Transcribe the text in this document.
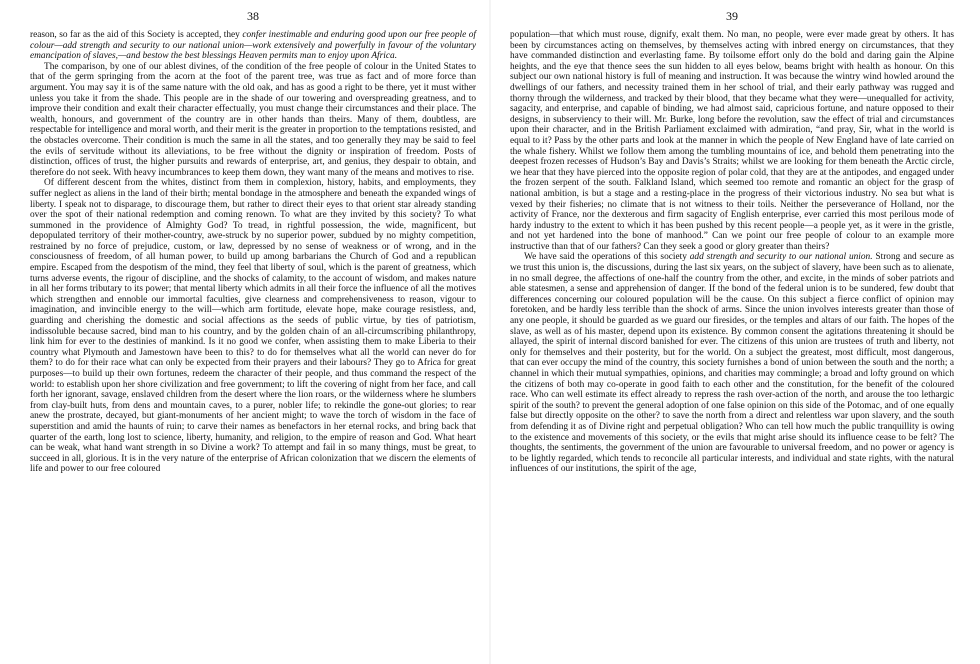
38

reason, so far as the aid of this Society is accepted, they confer inestimable and enduring good upon our free people of colour—add strength and security to our national union—work extensively and powerfully in favour of the voluntary emancipation of slaves,—and bestow the best blessings Heaven permits man to enjoy upon Africa.

The comparison, by one of our ablest divines, of the condition of the free people of colour in the United States to that of the germ springing from the acorn at the foot of the parent tree, was true as fact and of more force than argument. You may say it is of the same nature with the old oak, and has as good a right to be there, yet it must wither unless you take it from the shade. This people are in the shade of our towering and overspreading greatness, and to improve their condition and exalt their character effectually, you must change their circumstances and their place. The wealth, honours, and government of the country are in other hands than theirs. Many of them, doubtless, are respectable for intelligence and moral worth, and their merit is the greater in proportion to the temptations resisted, and the obstacles overcome. Their condition is much the same in all the states, and too generally they may be said to feel the evils of servitude without its alleviations, to be free without the dignity or inspiration of freedom. Posts of distinction, offices of trust, the higher pursuits and rewards of enterprise, art, and genius, they despair to obtain, and therefore do not seek. With heavy incumbrances to keep them down, they want many of the means and motives to rise.

Of different descent from the whites, distinct from them in complexion, history, habits, and employments, they suffer neglect as aliens in the land of their birth; mental bondage in the atmosphere and beneath the expanded wings of liberty. I speak not to disparage, to discourage them, but rather to direct their eyes to that orient star already standing over the spot of their national redemption and coming renown. To what are they invited by this society? To what summoned in the providence of Almighty God? To tread, in rightful possession, the wide, magnificent, but depopulated territory of their mother-country, awe-struck by no superior power, subdued by no mighty competition, restrained by no force of prejudice, custom, or law, depressed by no sense of weakness or of wrong, and in the consciousness of freedom, of all human power, to build up among barbarians the Church of God and a republican empire. Escaped from the despotism of the mind, they feel that liberty of soul, which is the parent of greatness, which turns adverse events, the rigour of discipline, and the shocks of calamity, to the account of wisdom, and makes nature in all her forms tributary to its power; that mental liberty which admits in all their force the influence of all the motives which strengthen and ennoble our immortal faculties, give clearness and comprehensiveness to reason, vigour to imagination, and invincible energy to the will—which arm fortitude, elevate hope, make courage resistless, and, guarding and cherishing the domestic and social affections as the seeds of public virtue, by ties of patriotism, indissoluble because sacred, bind man to his country, and by the golden chain of an all-circumscribing philanthropy, link him for ever to the destinies of mankind. Is it no good we confer, when assisting them to make Liberia to their country what Plymouth and Jamestown have been to this? to do for themselves what all the world can never do for them? to do for their race what can only be expected from their prayers and their labours? They go to Africa for great purposes—to build up their own fortunes, redeem the character of their people, and thus command the respect of the world: to establish upon her shore civilization and free government; to lift the covering of night from her face, and call forth her ignorant, savage, enslaved children from the desert where the lion roars, or the wilderness where he slumbers from clay-built huts, from dens and mountain caves, to a purer, nobler life; to rekindle the gone-out glories; to rear anew the prostrate, decayed, but giant-monuments of her ancient might; to wave the torch of wisdom in the face of superstition and amid the haunts of ruin; to carve their names as benefactors in her eternal rocks, and bring back that quarter of the earth, long lost to science, liberty, humanity, and religion, to the empire of reason and God. What heart can be weak, what hand want strength in so Divine a work? To attempt and fail in so many things, must be great, to succeed in all, glorious. It is in the very nature of the enterprise of African colonization that we discern the elements of life and power to our free coloured

39

population—that which must rouse, dignify, exalt them. No man, no people, were ever made great by others. It has been by circumstances acting on themselves, by themselves acting with inbred energy on circumstances, that they have commanded distinction and everlasting fame. By toilsome effort only do the bold and daring gain the Alpine heights, and the eye that thence sees the sun hidden to all eyes below, beams bright with health as honour. On this subject our own national history is full of meaning and instruction. It was because the wintry wind howled around the dwellings of our fathers, and necessity trained them in her school of trial, and their early pathway was rugged and thorny through the wilderness, and tracked by their blood, that they became what they were—unequalled for activity, sagacity, and enterprise, and capable of binding, we had almost said, capricious fortune, and nature opposed to their designs, in subserviency to their will. Mr. Burke, long before the revolution, saw the effect of trial and circumstances upon their character, and in the British Parliament exclaimed with admiration, “and pray, Sir, what in the world is equal to it? Pass by the other parts and look at the manner in which the people of New England have of late carried on the whale fishery. Whilst we follow them among the tumbling mountains of ice, and behold them penetrating into the deepest frozen recesses of Hudson’s Bay and Davis’s Straits; whilst we are looking for them beneath the Arctic circle, we hear that they have pierced into the opposite region of polar cold, that they are at the antipodes, and engaged under the frozen serpent of the south. Falkland Island, which seemed too remote and romantic an object for the grasp of national ambition, is but a stage and a resting-place in the progress of their victorious industry. No sea but what is vexed by their fisheries; no climate that is not witness to their toils. Neither the perseverance of Holland, nor the activity of France, nor the dexterous and firm sagacity of English enterprise, ever carried this most perilous mode of hardy industry to the extent to which it has been pushed by this recent people—a people yet, as it were in the gristle, and not yet hardened into the bone of manhood.” Can we point our free people of colour to an example more instructive than that of our fathers? Can they seek a good or glory greater than theirs?

We have said the operations of this society add strength and security to our national union. Strong and secure as we trust this union is, the discussions, during the last six years, on the subject of slavery, have been such as to alienate, in no small degree, the affections of one-half the country from the other, and excite, in the minds of sober patriots and able statesmen, a sense and apprehension of danger. If the bond of the federal union is to be sundered, few doubt that differences concerning our coloured population will be the cause. On this subject a fierce conflict of opinion may foretoken, and be hardly less terrible than the shock of arms. Since the union involves interests greater than those of any one people, it should be guarded as we guard our firesides, or the temples and altars of our faith. The hopes of the slave, as well as of his master, depend upon its existence. By common consent the agitations threatening it should be allayed, the spirit of internal discord banished for ever. The citizens of this union are trustees of truth and liberty, not only for themselves and their posterity, but for the world. On a subject the greatest, most difficult, most dangerous, that can ever occupy the mind of the country, this society furnishes a bond of union between the south and the north; a channel in which their mutual sympathies, opinions, and charities may commingle; a broad and lofty ground on which the citizens of both may co-operate in good faith to each other and the constitution, for the benefit of the coloured race. Who can well estimate its effect already to repress the rash over-action of the north, and arouse the too lethargic spirit of the south? to prevent the general adoption of one false opinion on this side of the Potomac, and of one equally false but directly opposite on the other? to save the north from a direct and relentless war upon slavery, and the south from defending it as of Divine right and perpetual obligation? Who can tell how much the public tranquillity is owing to the existence and movements of this society, or the evils that might arise should its influence cease to be felt? The thoughts, the sentiments, the government of the union are favourable to universal freedom, and no power or agency is to be lightly regarded, which tends to reconcile all particular interests, and individual and state rights, with the natural influences of our institutions, the spirit of the age,
